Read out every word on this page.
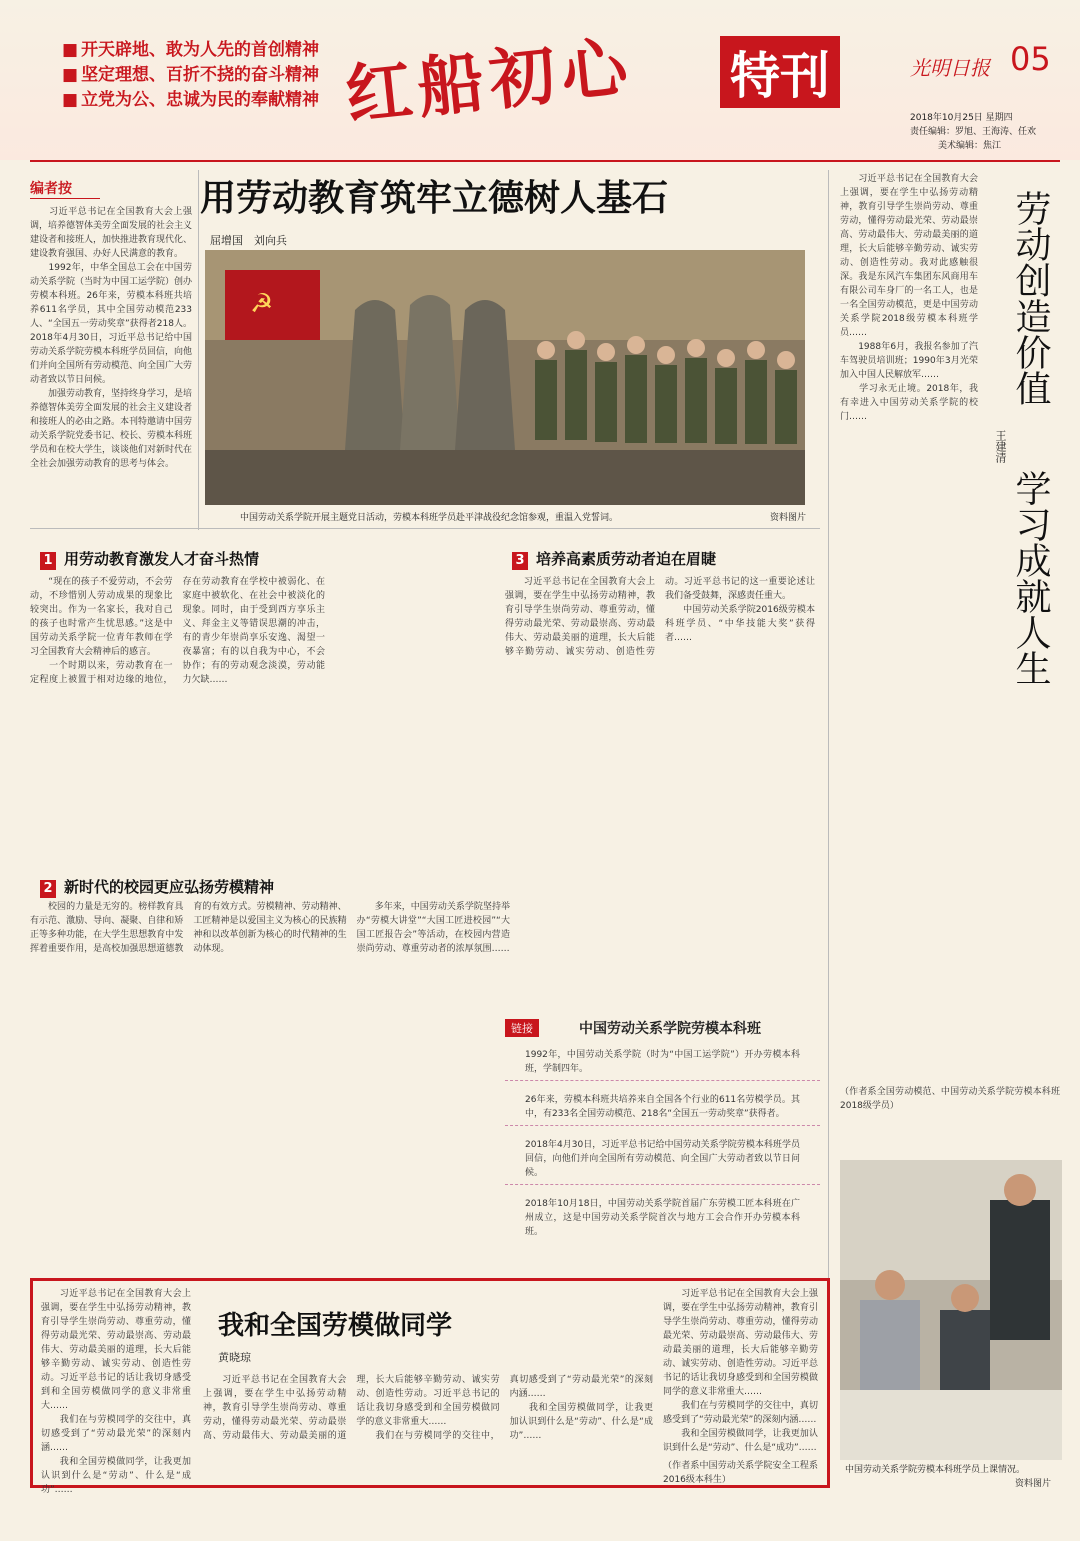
■ 开天辟地、敢为人先的首创精神
■ 坚定理想、百折不挠的奋斗精神
■ 立党为公、忠诚为民的奉献精神 红船初心 特刊	光明日报 05
2018年10月25日 星期四
责任编辑：罗旭、王海涛、任欢
美术编辑：焦江
编者按
　　习近平总书记在全国教育大会上强调，培养德智体美劳全面发展的社会主义建设者和接班人，加快推进教育现代化、建设教育强国、办好人民满意的教育。
　　1992年，中华全国总工会在中国劳动关系学院（当时为中国工运学院）创办劳模本科班。26年来，劳模本科班共培养611名学员，其中全国劳动模范233人、“全国五一劳动奖章”获得者218人。2018年4月30日，习近平总书记给中国劳动关系学院劳模本科班学员回信，向他们并向全国所有劳动模范、向全国广大劳动者致以节日问候。
　　加强劳动教育，坚持终身学习，是培养德智体美劳全面发展的社会主义建设者和接班人的必由之路。本刊特邀请中国劳动关系学院党委书记、校长、劳模本科班学员和在校大学生，谈谈他们对新时代在全社会加强劳动教育的思考与体会。
用劳动教育筑牢立德树人基石
屈增国　刘向兵
☭
中国劳动关系学院开展主题党日活动，劳模本科班学员赴平津战役纪念馆参观，重温入党誓词。	资料图片
1 用劳动教育激发人才奋斗热情
　　“现在的孩子不爱劳动，不会劳动，不珍惜别人劳动成果的现象比较突出。作为一名家长，我对自己的孩子也时常产生忧思感。”这是中国劳动关系学院一位青年教师在学习全国教育大会精神后的感言。
　　一个时期以来，劳动教育在一定程度上被置于相对边缘的地位，存在劳动教育在学校中被弱化、在家庭中被软化、在社会中被淡化的现象。同时，由于受到西方享乐主义、拜金主义等错误思潮的冲击，有的青少年崇尚享乐安逸、渴望一夜暴富；有的以自我为中心，不会协作；有的劳动观念淡漠，劳动能力欠缺……
2 新时代的校园更应弘扬劳模精神
　　校园的力量是无穷的。榜样教育具有示范、激励、导向、凝聚、自律和矫正等多种功能，在大学生思想教育中发挥着重要作用，是高校加强思想道德教育的有效方式。劳模精神、劳动精神、工匠精神是以爱国主义为核心的民族精神和以改革创新为核心的时代精神的生动体现。
　　多年来，中国劳动关系学院坚持举办“劳模大讲堂”“大国工匠进校园”“大国工匠报告会”等活动，在校园内营造崇尚劳动、尊重劳动者的浓厚氛围……
3 培养高素质劳动者迫在眉睫
　　习近平总书记在全国教育大会上强调，要在学生中弘扬劳动精神，教育引导学生崇尚劳动、尊重劳动，懂得劳动最光荣、劳动最崇高、劳动最伟大、劳动最美丽的道理，长大后能够辛勤劳动、诚实劳动、创造性劳动。习近平总书记的这一重要论述让我们备受鼓舞，深感责任重大。
　　中国劳动关系学院2016级劳模本科班学员、“中华技能大奖”获得者……
链接	中国劳动关系学院劳模本科班
1992年，中国劳动关系学院（时为“中国工运学院”）开办劳模本科班，学制四年。
26年来，劳模本科班共培养来自全国各个行业的611名劳模学员。其中，有233名全国劳动模范、218名“全国五一劳动奖章”获得者。
2018年4月30日，习近平总书记给中国劳动关系学院劳模本科班学员回信，向他们并向全国所有劳动模范、向全国广大劳动者致以节日问候。
2018年10月18日，中国劳动关系学院首届广东劳模工匠本科班在广州成立，这是中国劳动关系学院首次与地方工会合作开办劳模本科班。
　　习近平总书记在全国教育大会上强调，要在学生中弘扬劳动精神，教育引导学生崇尚劳动、尊重劳动，懂得劳动最光荣、劳动最崇高、劳动最伟大、劳动最美丽的道理，长大后能够辛勤劳动、诚实劳动、创造性劳动。我对此感触很深。我是东风汽车集团东风商用车有限公司车身厂的一名工人，也是一名全国劳动模范，更是中国劳动关系学院2018级劳模本科班学员……
　　1988年6月，我报名参加了汽车驾驶员培训班；1990年3月光荣加入中国人民解放军……
　　学习永无止境。2018年，我有幸进入中国劳动关系学院的校门……
劳动创造价值
王建清
学习成就人生
（作者系全国劳动模范、中国劳动关系学院劳模本科班2018级学员）
中国劳动关系学院劳模本科班学员上课情况。
资料图片
　　习近平总书记在全国教育大会上强调，要在学生中弘扬劳动精神，教育引导学生崇尚劳动、尊重劳动，懂得劳动最光荣、劳动最崇高、劳动最伟大、劳动最美丽的道理，长大后能够辛勤劳动、诚实劳动、创造性劳动。习近平总书记的话让我切身感受到和全国劳模做同学的意义非常重大……
　　我们在与劳模同学的交往中，真切感受到了“劳动最光荣”的深刻内涵……
　　我和全国劳模做同学，让我更加认识到什么是“劳动”、什么是“成功”……
我和全国劳模做同学
黄晓琼
　　习近平总书记在全国教育大会上强调，要在学生中弘扬劳动精神，教育引导学生崇尚劳动、尊重劳动，懂得劳动最光荣、劳动最崇高、劳动最伟大、劳动最美丽的道理，长大后能够辛勤劳动、诚实劳动、创造性劳动。习近平总书记的话让我切身感受到和全国劳模做同学的意义非常重大……
　　我们在与劳模同学的交往中，真切感受到了“劳动最光荣”的深刻内涵……
　　我和全国劳模做同学，让我更加认识到什么是“劳动”、什么是“成功”……
　　习近平总书记在全国教育大会上强调，要在学生中弘扬劳动精神，教育引导学生崇尚劳动、尊重劳动，懂得劳动最光荣、劳动最崇高、劳动最伟大、劳动最美丽的道理，长大后能够辛勤劳动、诚实劳动、创造性劳动。习近平总书记的话让我切身感受到和全国劳模做同学的意义非常重大……
　　我们在与劳模同学的交往中，真切感受到了“劳动最光荣”的深刻内涵……
　　我和全国劳模做同学，让我更加认识到什么是“劳动”、什么是“成功”……
（作者系中国劳动关系学院安全工程系2016级本科生）
